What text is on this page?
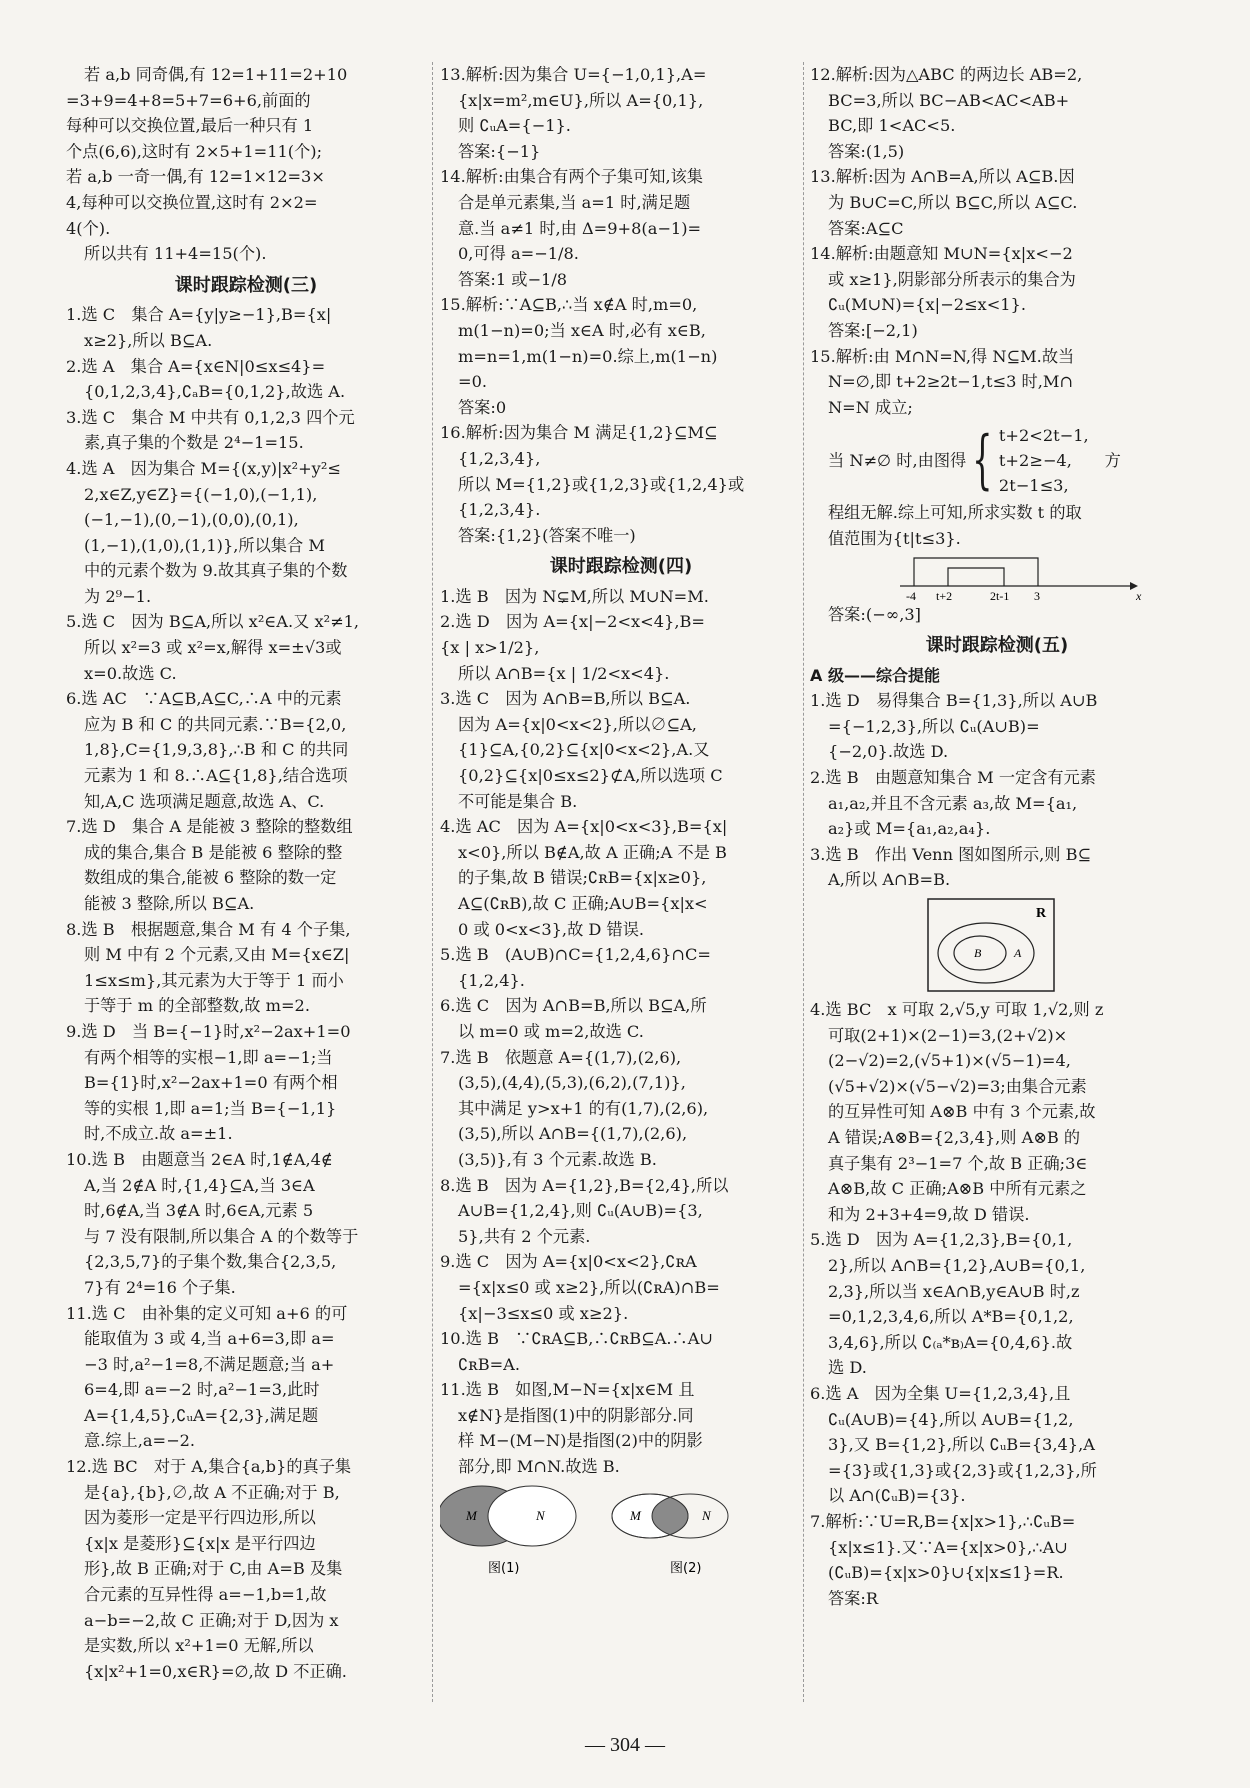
若 a,b 同奇偶,有 12=1+11=2+10
=3+9=4+8=5+7=6+6,前面的
每种可以交换位置,最后一种只有 1
个点(6,6),这时有 2×5+1=11(个);
若 a,b 一奇一偶,有 12=1×12=3×
4,每种可以交换位置,这时有 2×2=
4(个).
所以共有 11+4=15(个).
课时跟踪检测(三)
1.选 C　集合 A={y|y≥−1},B={x|
x≥2},所以 B⊆A.
2.选 A　集合 A={x∈N|0≤x≤4}=
{0,1,2,3,4},∁ₐB={0,1,2},故选 A.
3.选 C　集合 M 中共有 0,1,2,3 四个元
素,真子集的个数是 2⁴−1=15.
4.选 A　因为集合 M={(x,y)|x²+y²≤
2,x∈Z,y∈Z}={(−1,0),(−1,1),
(−1,−1),(0,−1),(0,0),(0,1),
(1,−1),(1,0),(1,1)},所以集合 M
中的元素个数为 9.故其真子集的个数
为 2⁹−1.
5.选 C　因为 B⊆A,所以 x²∈A.又 x²≠1,
所以 x²=3 或 x²=x,解得 x=±√3或
x=0.故选 C.
6.选 AC　∵A⊆B,A⊆C,∴A 中的元素
应为 B 和 C 的共同元素.∵B={2,0,
1,8},C={1,9,3,8},∴B 和 C 的共同
元素为 1 和 8.∴A⊆{1,8},结合选项
知,A,C 选项满足题意,故选 A、C.
7.选 D　集合 A 是能被 3 整除的整数组
成的集合,集合 B 是能被 6 整除的整
数组成的集合,能被 6 整除的数一定
能被 3 整除,所以 B⊆A.
8.选 B　根据题意,集合 M 有 4 个子集,
则 M 中有 2 个元素,又由 M={x∈Z|
1≤x≤m},其元素为大于等于 1 而小
于等于 m 的全部整数,故 m=2.
9.选 D　当 B={−1}时,x²−2ax+1=0
有两个相等的实根−1,即 a=−1;当
B={1}时,x²−2ax+1=0 有两个相
等的实根 1,即 a=1;当 B={−1,1}
时,不成立.故 a=±1.
10.选 B　由题意当 2∈A 时,1∉A,4∉
A,当 2∉A 时,{1,4}⊆A,当 3∈A
时,6∉A,当 3∉A 时,6∈A,元素 5
与 7 没有限制,所以集合 A 的个数等于
{2,3,5,7}的子集个数,集合{2,3,5,
7}有 2⁴=16 个子集.
11.选 C　由补集的定义可知 a+6 的可
能取值为 3 或 4,当 a+6=3,即 a=
−3 时,a²−1=8,不满足题意;当 a+
6=4,即 a=−2 时,a²−1=3,此时
A={1,4,5},∁ᵤA={2,3},满足题
意.综上,a=−2.
12.选 BC　对于 A,集合{a,b}的真子集
是{a},{b},∅,故 A 不正确;对于 B,
因为菱形一定是平行四边形,所以
{x|x 是菱形}⊆{x|x 是平行四边
形},故 B 正确;对于 C,由 A=B 及集
合元素的互异性得 a=−1,b=1,故
a−b=−2,故 C 正确;对于 D,因为 x
是实数,所以 x²+1=0 无解,所以
{x|x²+1=0,x∈R}=∅,故 D 不正确.
13.解析:因为集合 U={−1,0,1},A=
{x|x=m²,m∈U},所以 A={0,1},
则 ∁ᵤA={−1}.
答案:{−1}
14.解析:由集合有两个子集可知,该集
合是单元素集,当 a=1 时,满足题
意.当 a≠1 时,由 Δ=9+8(a−1)=
0,可得 a=−1/8.
答案:1 或−1/8
15.解析:∵A⊆B,∴当 x∉A 时,m=0,
m(1−n)=0;当 x∈A 时,必有 x∈B,
m=n=1,m(1−n)=0.综上,m(1−n)
=0.
答案:0
16.解析:因为集合 M 满足{1,2}⊆M⊆
{1,2,3,4},
所以 M={1,2}或{1,2,3}或{1,2,4}或
{1,2,3,4}.
答案:{1,2}(答案不唯一)
课时跟踪检测(四)
1.选 B　因为 N⊊M,所以 M∪N=M.
2.选 D　因为 A={x|−2<x<4},B=
{x | x>1/2},
所以 A∩B={x | 1/2<x<4}.
3.选 C　因为 A∩B=B,所以 B⊆A.
因为 A={x|0<x<2},所以∅⊆A,
{1}⊆A,{0,2}⊆{x|0<x<2},A.又
{0,2}⊆{x|0≤x≤2}⊄A,所以选项 C
不可能是集合 B.
4.选 AC　因为 A={x|0<x<3},B={x|
x<0},所以 B∉A,故 A 正确;A 不是 B
的子集,故 B 错误;∁ʀB={x|x≥0},
A⊆(∁ʀB),故 C 正确;A∪B={x|x<
0 或 0<x<3},故 D 错误.
5.选 B　(A∪B)∩C={1,2,4,6}∩C=
{1,2,4}.
6.选 C　因为 A∩B=B,所以 B⊆A,所
以 m=0 或 m=2,故选 C.
7.选 B　依题意 A={(1,7),(2,6),
(3,5),(4,4),(5,3),(6,2),(7,1)},
其中满足 y>x+1 的有(1,7),(2,6),
(3,5),所以 A∩B={(1,7),(2,6),
(3,5)},有 3 个元素.故选 B.
8.选 B　因为 A={1,2},B={2,4},所以
A∪B={1,2,4},则 ∁ᵤ(A∪B)={3,
5},共有 2 个元素.
9.选 C　因为 A={x|0<x<2},∁ʀA
={x|x≤0 或 x≥2},所以(∁ʀA)∩B=
{x|−3≤x≤0 或 x≥2}.
10.选 B　∵∁ʀA⊆B,∴∁ʀB⊆A.∴A∪
∁ʀB=A.
11.选 B　如图,M−N={x|x∈M 且
x∉N}是指图(1)中的阴影部分.同
样 M−(M−N)是指图(2)中的阴影
部分,即 M∩N.故选 B.
M	N
图(1)
M	N
图(2)
12.解析:因为△ABC 的两边长 AB=2,
BC=3,所以 BC−AB<AC<AB+
BC,即 1<AC<5.
答案:(1,5)
13.解析:因为 A∩B=A,所以 A⊆B.因
为 B∪C=C,所以 B⊆C,所以 A⊆C.
答案:A⊆C
14.解析:由题意知 M∪N={x|x<−2
或 x≥1},阴影部分所表示的集合为
∁ᵤ(M∪N)={x|−2≤x<1}.
答案:[−2,1)
15.解析:由 M∩N=N,得 N⊆M.故当
N=∅,即 t+2≥2t−1,t≤3 时,M∩
N=N 成立;
当 N≠∅ 时,由图得 { t+2<2t−1,
t+2≥−4,
2t−1≤3,
方
程组无解.综上可知,所求实数 t 的取
值范围为{t|t≤3}.
-4 t+2	2t-1 3	x
答案:(−∞,3]
课时跟踪检测(五)
A 级——综合提能
1.选 D　易得集合 B={1,3},所以 A∪B
={−1,2,3},所以 ∁ᵤ(A∪B)=
{−2,0}.故选 D.
2.选 B　由题意知集合 M 一定含有元素
a₁,a₂,并且不含元素 a₃,故 M={a₁,
a₂}或 M={a₁,a₂,a₄}.
3.选 B　作出 Venn 图如图所示,则 B⊆
A,所以 A∩B=B.
R
A
B
4.选 BC　x 可取 2,√5,y 可取 1,√2,则 z
可取(2+1)×(2−1)=3,(2+√2)×
(2−√2)=2,(√5+1)×(√5−1)=4,
(√5+√2)×(√5−√2)=3;由集合元素
的互异性可知 A⊗B 中有 3 个元素,故
A 错误;A⊗B={2,3,4},则 A⊗B 的
真子集有 2³−1=7 个,故 B 正确;3∈
A⊗B,故 C 正确;A⊗B 中所有元素之
和为 2+3+4=9,故 D 错误.
5.选 D　因为 A={1,2,3},B={0,1,
2},所以 A∩B={1,2},A∪B={0,1,
2,3},所以当 x∈A∩B,y∈A∪B 时,z
=0,1,2,3,4,6,所以 A*B={0,1,2,
3,4,6},所以 ∁₍ₐ*ʙ₎A={0,4,6}.故
选 D.
6.选 A　因为全集 U={1,2,3,4},且
∁ᵤ(A∪B)={4},所以 A∪B={1,2,
3},又 B={1,2},所以 ∁ᵤB={3,4},A
={3}或{1,3}或{2,3}或{1,2,3},所
以 A∩(∁ᵤB)={3}.
7.解析:∵U=R,B={x|x>1},∴∁ᵤB=
{x|x≤1}.又∵A={x|x>0},∴A∪
(∁ᵤB)={x|x>0}∪{x|x≤1}=R.
答案:R
— 304 —
